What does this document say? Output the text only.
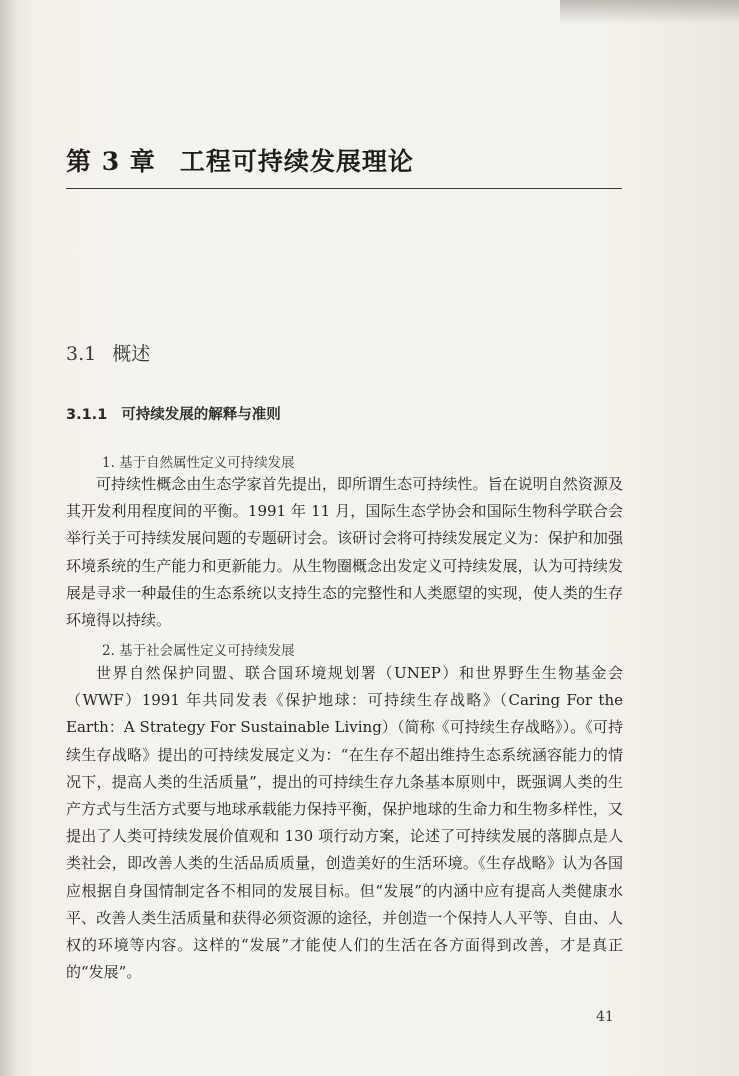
第 3 章 工程可持续发展理论
3.1 概述
3.1.1 可持续发展的解释与准则
1. 基于自然属性定义可持续发展

可持续性概念由生态学家首先提出，即所谓生态可持续性。旨在说明自然资源及其开发利用程度间的平衡。1991 年 11 月，国际生态学协会和国际生物科学联合会举行关于可持续发展问题的专题研讨会。该研讨会将可持续发展定义为：保护和加强环境系统的生产能力和更新能力。从生物圈概念出发定义可持续发展，认为可持续发展是寻求一种最佳的生态系统以支持生态的完整性和人类愿望的实现，使人类的生存环境得以持续。

2. 基于社会属性定义可持续发展

世界自然保护同盟、联合国环境规划署（UNEP）和世界野生生物基金会（WWF）1991 年共同发表《保护地球：可持续生存战略》（Caring For the Earth：A Strategy For Sustainable Living）（简称《可持续生存战略》）。《可持续生存战略》提出的可持续发展定义为：“在生存不超出维持生态系统涵容能力的情况下，提高人类的生活质量”，提出的可持续生存九条基本原则中，既强调人类的生产方式与生活方式要与地球承载能力保持平衡，保护地球的生命力和生物多样性，又提出了人类可持续发展价值观和 130 项行动方案，论述了可持续发展的落脚点是人类社会，即改善人类的生活品质质量，创造美好的生活环境。《生存战略》认为各国应根据自身国情制定各不相同的发展目标。但“发展”的内涵中应有提高人类健康水平、改善人类生活质量和获得必须资源的途径，并创造一个保持人人平等、自由、人权的环境等内容。这样的“发展”才能使人们的生活在各方面得到改善，才是真正的“发展”。

41
